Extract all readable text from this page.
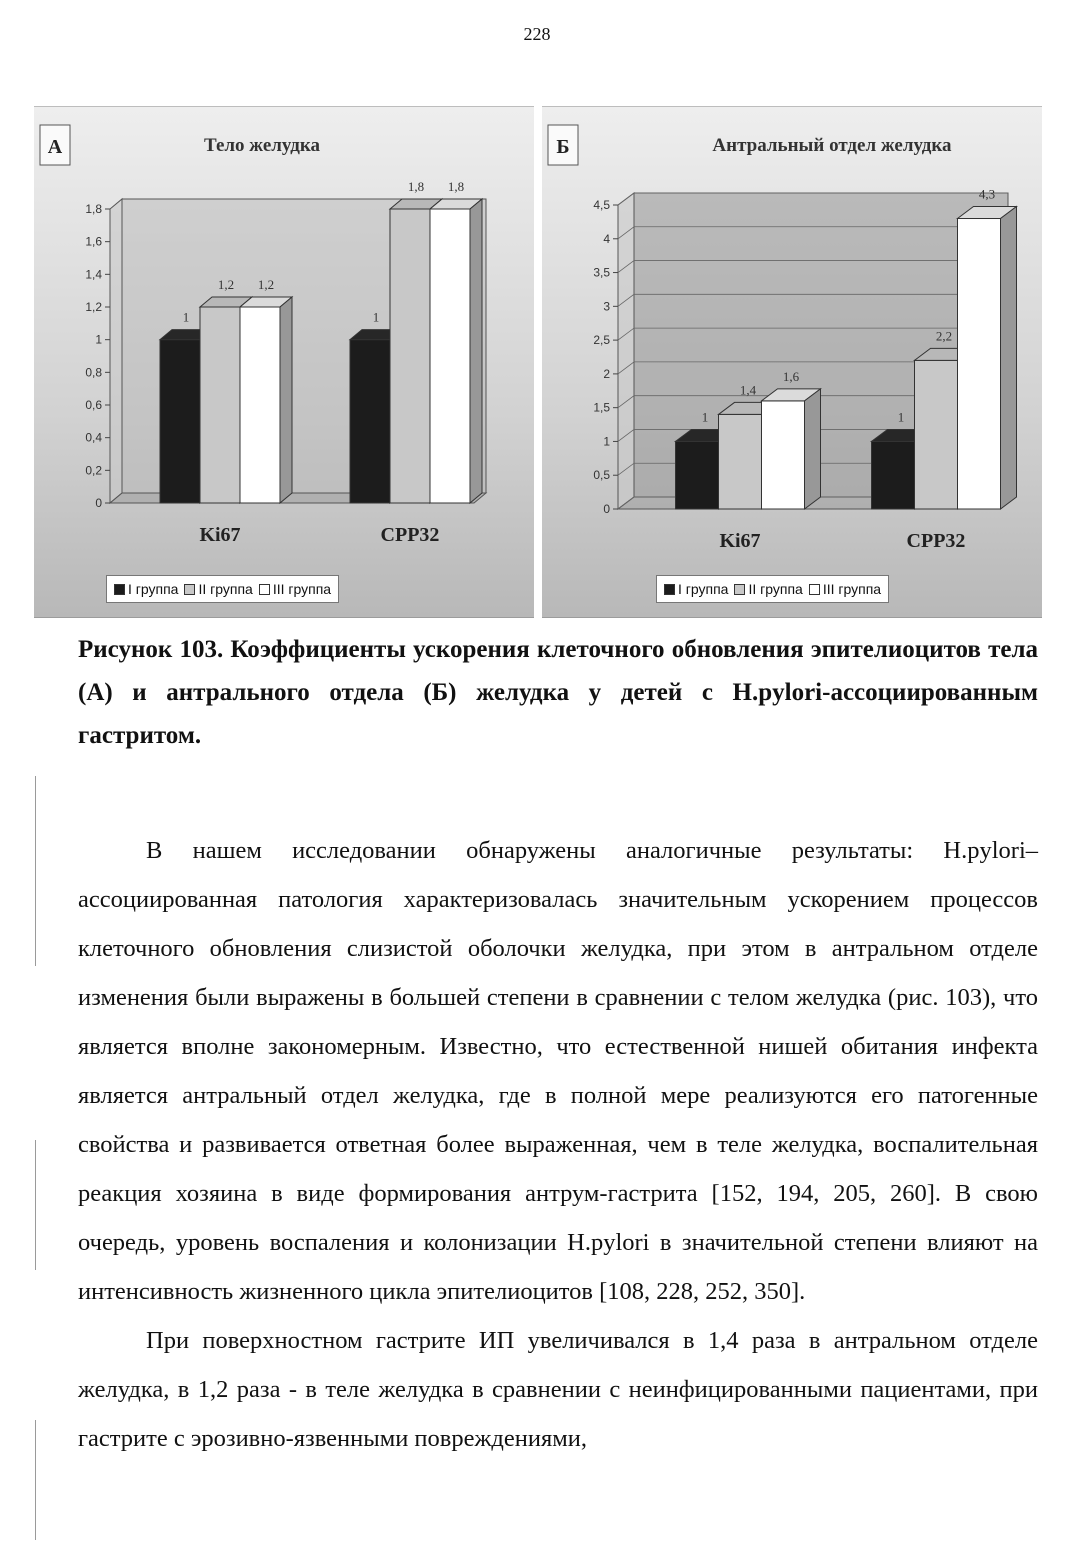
228
А	Тело желудка
0
0,2
0,4
0,6
0,8
1
1,2
1,4
1,6
1,8
1
1,2 1,2
Ki67
1
1,8 1,8
CPP32
I группа II группа III группа
Б	Антральный отдел желудка
0
0,5
1
1,5
2
2,5
3
3,5
4
4,5
1
1,4
1,6
Ki67
1
2,2
4,3
CPP32
I группа II группа III группа
Рисунок 103. Коэффициенты ускорения клеточного обновления эпителиоцитов тела (А) и антрального отдела (Б) желудка у детей с H.pylori-ассоциированным гастритом.

В нашем исследовании обнаружены аналогичные результаты: H.pylori–ассоциированная патология характеризовалась значительным ускорением процессов клеточного обновления слизистой оболочки желудка, при этом в антральном отделе изменения были выражены в большей степени в сравнении с телом желудка (рис. 103), что является вполне закономерным. Известно, что естественной нишей обитания инфекта является антральный отдел желудка, где в полной мере реализуются его патогенные свойства и развивается ответная более выраженная, чем в теле желудка, воспалительная реакция хозяина в виде формирования антрум-гастрита [152, 194, 205, 260]. В свою очередь, уровень воспаления и колонизации H.pylori в значительной степени влияют на интенсивность жизненного цикла эпителиоцитов [108, 228, 252, 350].

При поверхностном гастрите ИП увеличивался в 1,4 раза в антральном отделе желудка, в 1,2 раза - в теле желудка в сравнении с неинфицированными пациентами, при гастрите с эрозивно-язвенными повреждениями,
